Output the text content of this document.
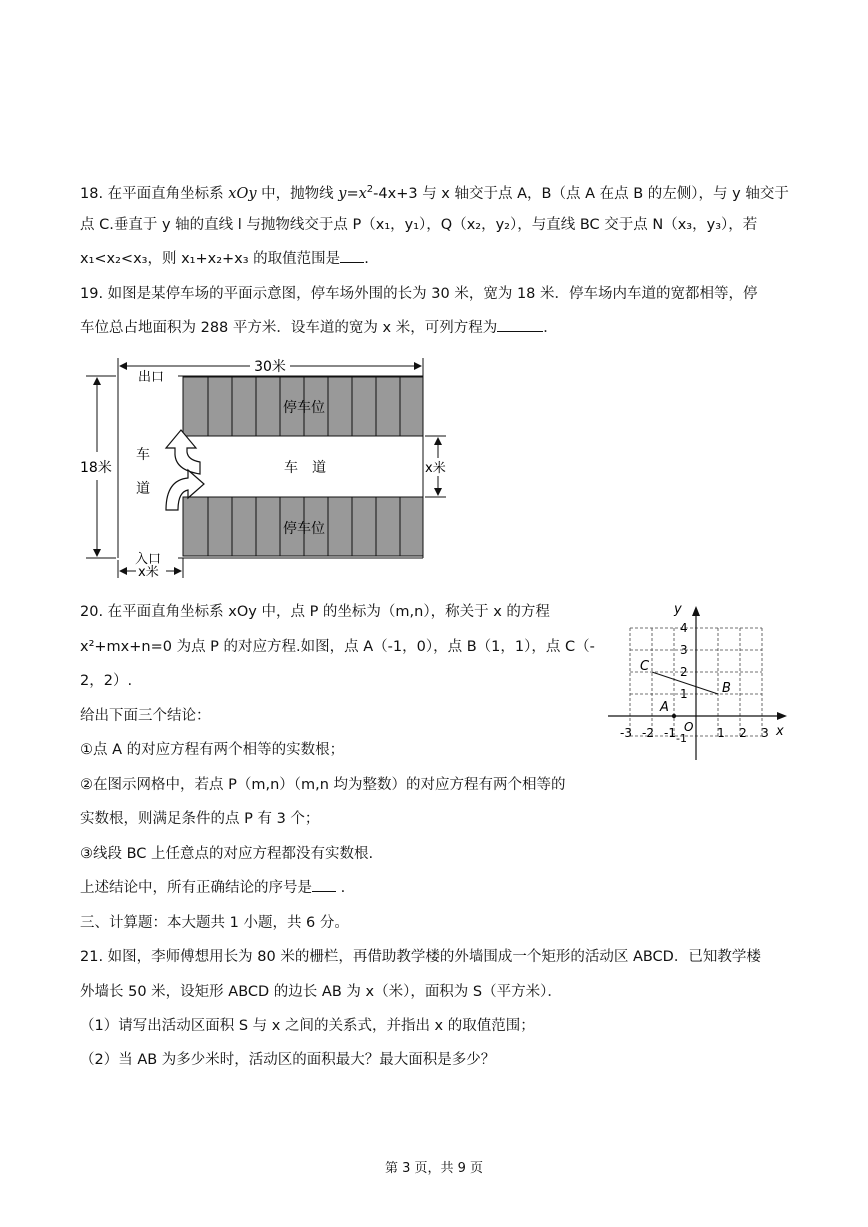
18. 在平面直角坐标系 xOy 中，抛物线 $y=x^2-4x+3$ 与 x 轴交于点 A，B（点 A 在点 B 的左侧），与 y 轴交于
点 C.垂直于 y 轴的直线 l 与抛物线交于点 P（x₁，y₁），Q（x₂，y₂），与直线 BC 交于点 N（x₃，y₃），若
x₁<x₂<x₃，则 x₁+x₂+x₃ 的取值范围是 .
19. 如图是某停车场的平面示意图，停车场外围的长为 30 米，宽为 18 米．停车场内车道的宽都相等，停
车位总占地面积为 288 平方米．设车道的宽为 x 米，可列方程为	．
30米
出口
入口
18米
停车位
停车位
车　道
车
道
x米
x米
20. 在平面直角坐标系 xOy 中，点 P 的坐标为（m,n），称关于 x 的方程
x²+mx+n=0 为点 P 的对应方程.如图，点 A（-1，0），点 B（1，1），点 C（-
2，2）.
给出下面三个结论：
①点 A 的对应方程有两个相等的实数根；
②在图示网格中，若点 P（m,n）（m,n 均为整数）的对应方程有两个相等的
实数根，则满足条件的点 P 有 3 个；
③线段 BC 上任意点的对应方程都没有实数根.
上述结论中，所有正确结论的序号是 .
x
y
O
-3 -2 -1	1 2 3
1
2
3
4
-1
A
B
C
三、计算题：本大题共 1 小题，共 6 分。
21. 如图，李师傅想用长为 80 米的栅栏，再借助教学楼的外墙围成一个矩形的活动区 ABCD．已知教学楼
外墙长 50 米，设矩形 ABCD 的边长 AB 为 x（米），面积为 S（平方米）．
（1）请写出活动区面积 S 与 x 之间的关系式，并指出 x 的取值范围；
（2）当 AB 为多少米时，活动区的面积最大？最大面积是多少？
第 3 页，共 9 页
